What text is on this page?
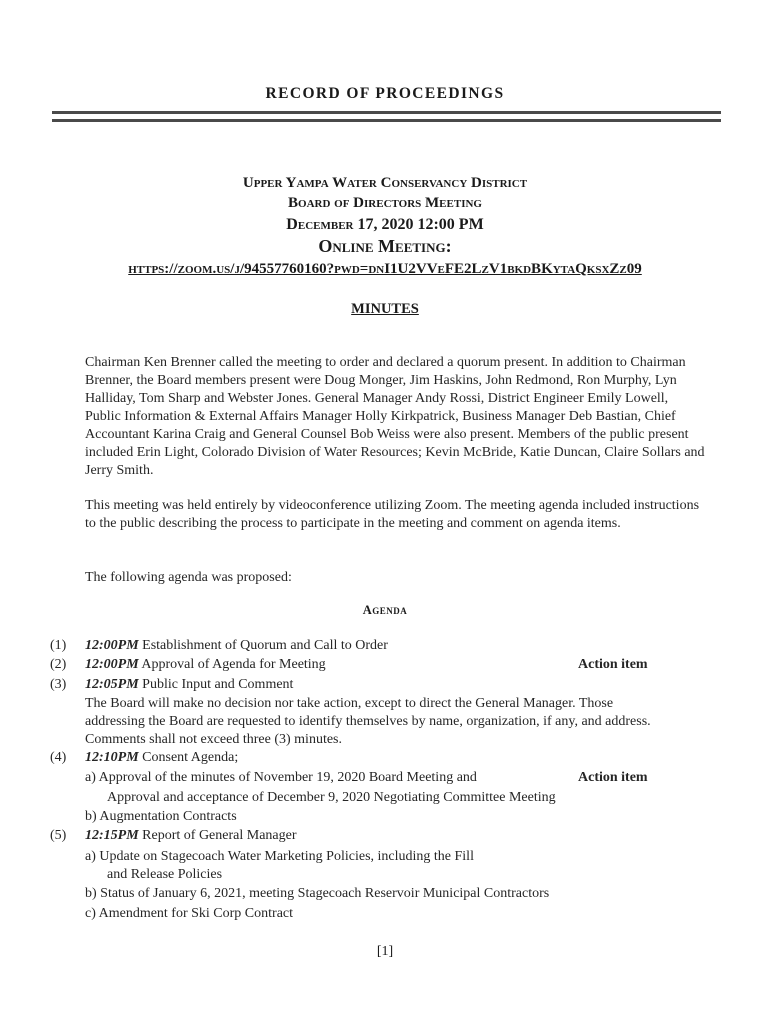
RECORD OF PROCEEDINGS
Upper Yampa Water Conservancy District
Board of Directors Meeting
December 17, 2020 12:00 PM
Online Meeting:
https://zoom.us/j/94557760160?pwd=dnI1U2VVeFE2LzV1bkdBKytaQksxZz09
MINUTES
Chairman Ken Brenner called the meeting to order and declared a quorum present. In addition to Chairman Brenner, the Board members present were Doug Monger, Jim Haskins, John Redmond, Ron Murphy, Lyn Halliday, Tom Sharp and Webster Jones. General Manager Andy Rossi, District Engineer Emily Lowell, Public Information & External Affairs Manager Holly Kirkpatrick, Business Manager Deb Bastian, Chief Accountant Karina Craig and General Counsel Bob Weiss were also present. Members of the public present included Erin Light, Colorado Division of Water Resources; Kevin McBride, Katie Duncan, Claire Sollars and Jerry Smith.
This meeting was held entirely by videoconference utilizing Zoom. The meeting agenda included instructions to the public describing the process to participate in the meeting and comment on agenda items.
The following agenda was proposed:
Agenda
(1) 12:00PM Establishment of Quorum and Call to Order
(2) 12:00PM Approval of Agenda for Meeting	Action item
(3) 12:05PM Public Input and Comment
The Board will make no decision nor take action, except to direct the General Manager. Those
addressing the Board are requested to identify themselves by name, organization, if any, and address.
Comments shall not exceed three (3) minutes.
(4) 12:10PM Consent Agenda;
a) Approval of the minutes of November 19, 2020 Board Meeting and	Action item
Approval and acceptance of December 9, 2020 Negotiating Committee Meeting
b) Augmentation Contracts
(5) 12:15PM Report of General Manager
a) Update on Stagecoach Water Marketing Policies, including the Fill
and Release Policies
b) Status of January 6, 2021, meeting Stagecoach Reservoir Municipal Contractors
c) Amendment for Ski Corp Contract
[1]
